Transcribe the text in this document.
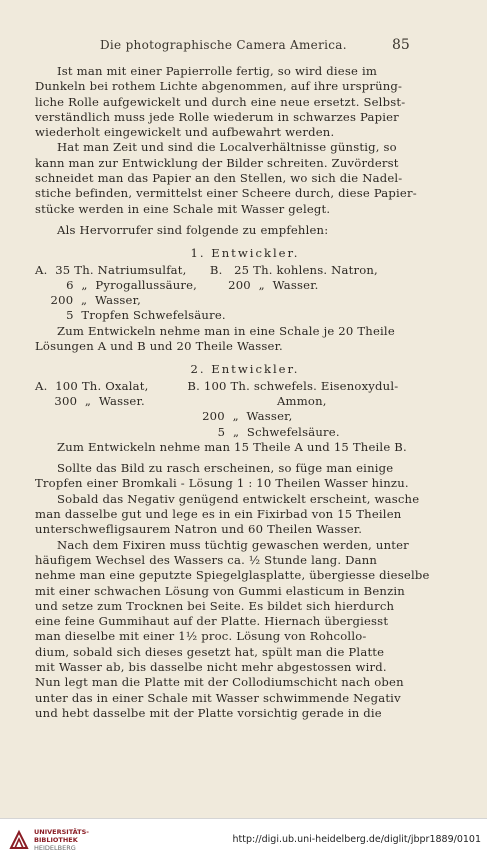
Die photographische Camera America.	85
Ist man mit einer Papierrolle fertig, so wird diese im
Dunkeln bei rothem Lichte abgenommen, auf ihre ursprüng-
liche Rolle aufgewickelt und durch eine neue ersetzt. Selbst-
verständlich muss jede Rolle wiederum in schwarzes Papier
wiederholt eingewickelt und aufbewahrt werden.
Hat man Zeit und sind die Localverhältnisse günstig, so
kann man zur Entwicklung der Bilder schreiten. Zuvörderst
schneidet man das Papier an den Stellen, wo sich die Nadel-
stiche befinden, vermittelst einer Scheere durch, diese Papier-
stücke werden in eine Schale mit Wasser gelegt.
Als Hervorrufer sind folgende zu empfehlen:
1. Entwickler.
A.  35 Th. Natriumsulfat,      B.   25 Th. kohlens. Natron,
6  „  Pyrogallussäure,        200  „  Wasser.
200  „  Wasser,
5  Tropfen Schwefelsäure.
Zum Entwickeln nehme man in eine Schale je 20 Theile
Lösungen A und B und 20 Theile Wasser.
2. Entwickler.
A.  100 Th. Oxalat,          B. 100 Th. schwefels. Eisenoxydul-
300  „  Wasser.                                  Ammon,
200  „  Wasser,
5  „  Schwefelsäure.
Zum Entwickeln nehme man 15 Theile A und 15 Theile B.
Sollte das Bild zu rasch erscheinen, so füge man einige
Tropfen einer Bromkali - Lösung 1 : 10 Theilen Wasser hinzu.
Sobald das Negativ genügend entwickelt erscheint, wasche
man dasselbe gut und lege es in ein Fixirbad von 15 Theilen
unterschwefligsaurem Natron und 60 Theilen Wasser.
Nach dem Fixiren muss tüchtig gewaschen werden, unter
häufigem Wechsel des Wassers ca. ½ Stunde lang. Dann
nehme man eine geputzte Spiegelglasplatte, übergiesse dieselbe
mit einer schwachen Lösung von Gummi elasticum in Benzin
und setze zum Trocknen bei Seite. Es bildet sich hierdurch
eine feine Gummihaut auf der Platte. Hiernach übergiesst
man dieselbe mit einer 1½ proc. Lösung von Rohcollo-
dium, sobald sich dieses gesetzt hat, spült man die Platte
mit Wasser ab, bis dasselbe nicht mehr abgestossen wird.
Nun legt man die Platte mit der Collodiumschicht nach oben
unter das in einer Schale mit Wasser schwimmende Negativ
und hebt dasselbe mit der Platte vorsichtig gerade in die
UNIVERSITÄTS-
BIBLIOTHEK
HEIDELBERG
http://digi.ub.uni-heidelberg.de/diglit/jbpr1889/0101
